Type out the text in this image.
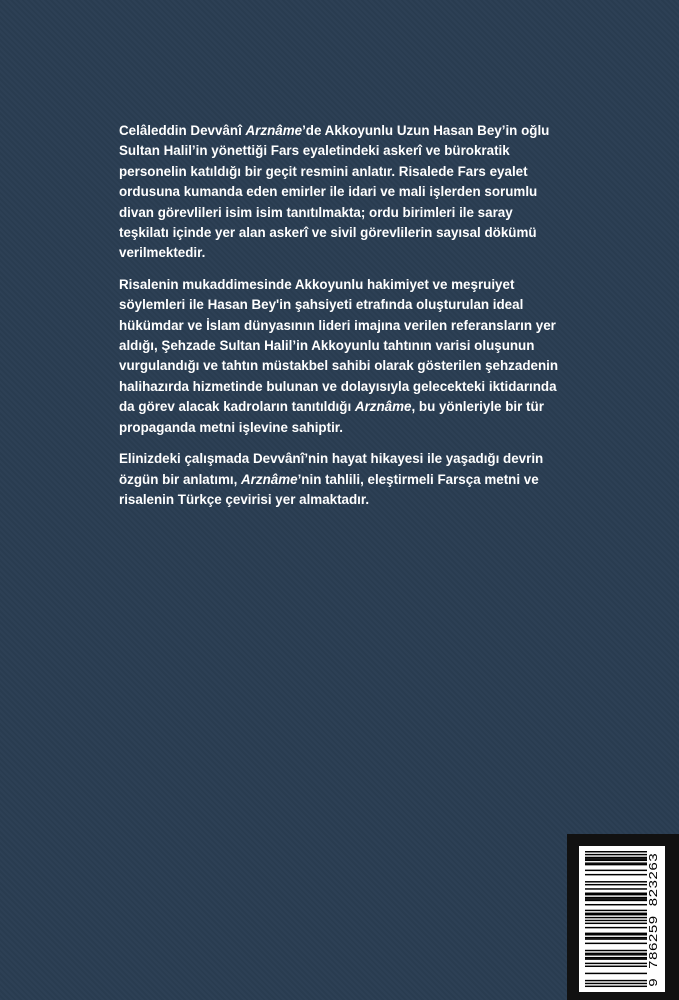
Celâleddin Devvânî Arznâme’de Akkoyunlu Uzun Hasan Bey’in oğlu Sultan Halil’in yönettiği Fars eyaletindeki askerî ve bürokratik personelin katıldığı bir geçit resmini anlatır. Risalede Fars eyalet ordusuna kumanda eden emirler ile idari ve mali işlerden sorumlu divan görevlileri isim isim tanıtılmakta; ordu birimleri ile saray teşkilatı içinde yer alan askerî ve sivil görevlilerin sayısal dökümü verilmektedir.

Risalenin mukaddimesinde Akkoyunlu hakimiyet ve meşruiyet söylemleri ile Hasan Bey'in şahsiyeti etrafında oluşturulan ideal hükümdar ve İslam dünyasının lideri imajına verilen referansların yer aldığı, Şehzade Sultan Halil’in Akkoyunlu tahtının varisi oluşunun vurgulandığı ve tahtın müstakbel sahibi olarak gösterilen şehzadenin halihazırda hizmetinde bulunan ve dolayısıyla gelecekteki iktidarında da görev alacak kadroların tanıtıldığı Arznâme, bu yönleriyle bir tür propaganda metni işlevine sahiptir.

Elinizdeki çalışmada Devvânî’nin hayat hikayesi ile yaşadığı devrin özgün bir anlatımı, Arznâme’nin tahlili, eleştirmeli Farsça metni ve risalenin Türkçe çevirisi yer almaktadır.

9 786259 823263
